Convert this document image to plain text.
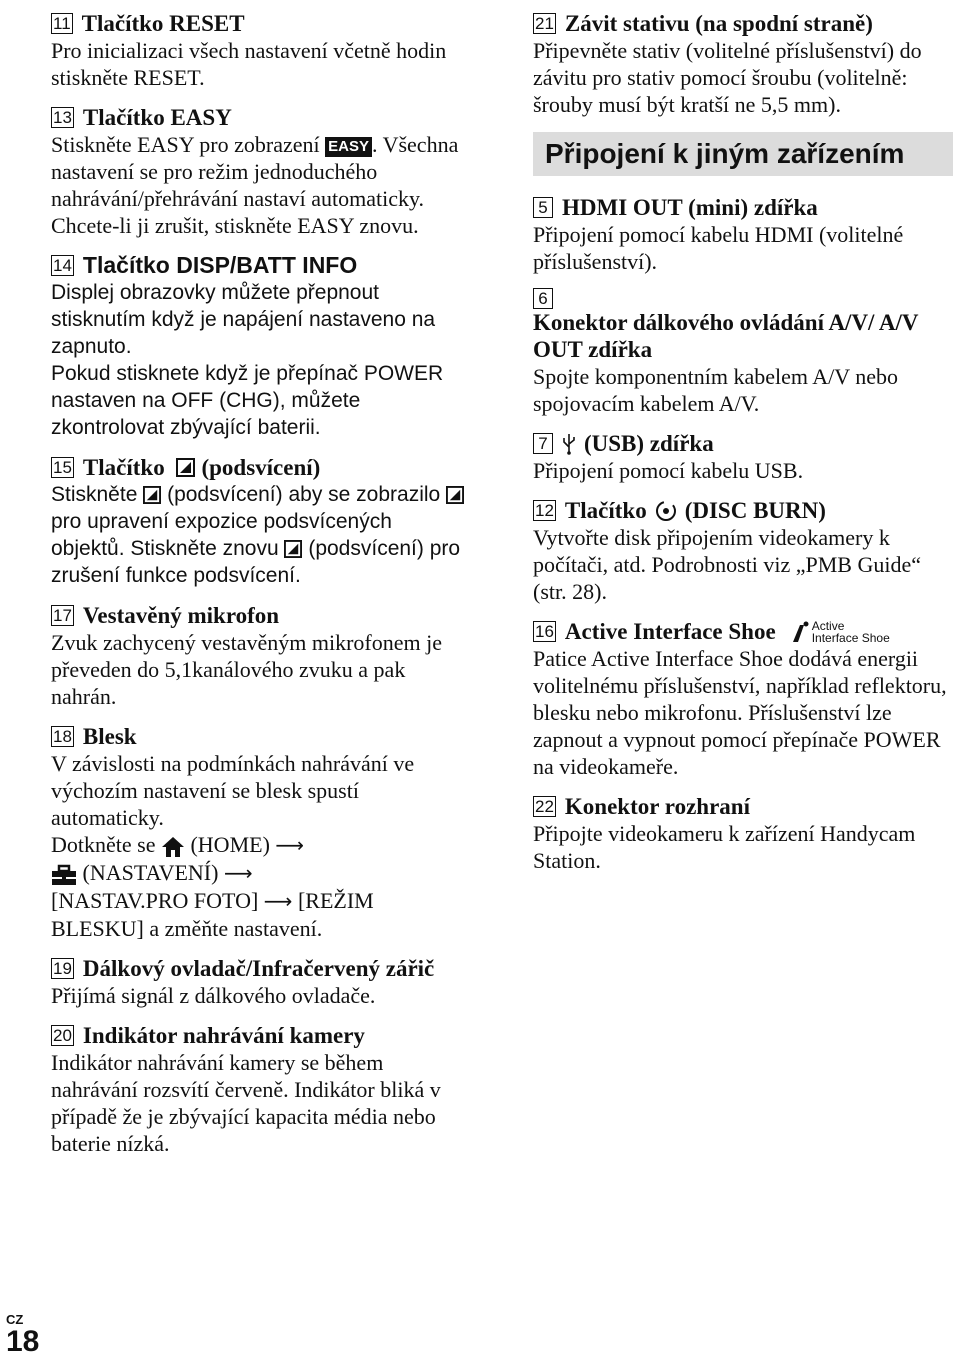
11 Tlačítko RESET
Pro inicializaci všech nastavení včetně hodin stiskněte RESET.
13 Tlačítko EASY
Stiskněte EASY pro zobrazení EASY . Všechna nastavení se pro režim jednoduchého nahrávání/přehrávání nastaví automaticky. Chcete-li ji zrušit, stiskněte EASY znovu.
14 Tlačítko DISP/BATT INFO
Displej obrazovky můžete přepnout stisknutím když je napájení nastaveno na zapnuto.
Pokud stisknete když je přepínač POWER nastaven na OFF (CHG), můžete zkontrolovat zbývající baterii.
15 Tlačítko
(podsvícení)
Stiskněte (podsvícení) aby se zobrazilo  pro upravení expozice podsvícených objektů. Stiskněte znovu (podsvícení) pro zrušení funkce podsvícení.
17 Vestavěný mikrofon
Zvuk zachycený vestavěným mikrofonem je převeden do 5,1kanálového zvuku a pak nahrán.
18 Blesk
V závislosti na podmínkách nahrávání ve výchozím nastavení se blesk spustí automaticky.
Dotkněte se (HOME) ⟶
(NASTAVENÍ) ⟶
[NASTAV.PRO FOTO] ⟶ [REŽIM BLESKU] a změňte nastavení.
19 Dálkový ovladač/Infračervený zářič
Přijímá signál z dálkového ovladače.
20 Indikátor nahrávání kamery
Indikátor nahrávání kamery se během nahrávání rozsvítí červeně. Indikátor bliká v případě že je zbývající kapacita média nebo baterie nízká.
21 Závit stativu (na spodní straně)
Připevněte stativ (volitelné příslušenství) do závitu pro stativ pomocí šroubu (volitelně: šrouby musí být kratší ne 5,5 mm).
Připojení k jiným zařízením
5 HDMI OUT (mini) zdířka
Připojení pomocí kabelu HDMI (volitelné příslušenství).
6
Konektor dálkového ovládání A/V/ A/V OUT zdířka
Spojte komponentním kabelem A/V nebo spojovacím kabelem A/V.
7 (USB) zdířka
Připojení pomocí kabelu USB.
12 Tlačítko (DISC BURN)
Vytvořte disk připojením videokamery k počítači, atd. Podrobnosti viz „PMB Guide“ (str. 28).
16 Active Interface Shoe	Active
Interface Shoe
Patice Active Interface Shoe dodává energii volitelnému příslušenství, například reflektoru, blesku nebo mikrofonu. Příslušenství lze zapnout a vypnout pomocí přepínače POWER na videokameře.
22 Konektor rozhraní
Připojte videokameru k zařízení Handycam Station.
CZ
18
